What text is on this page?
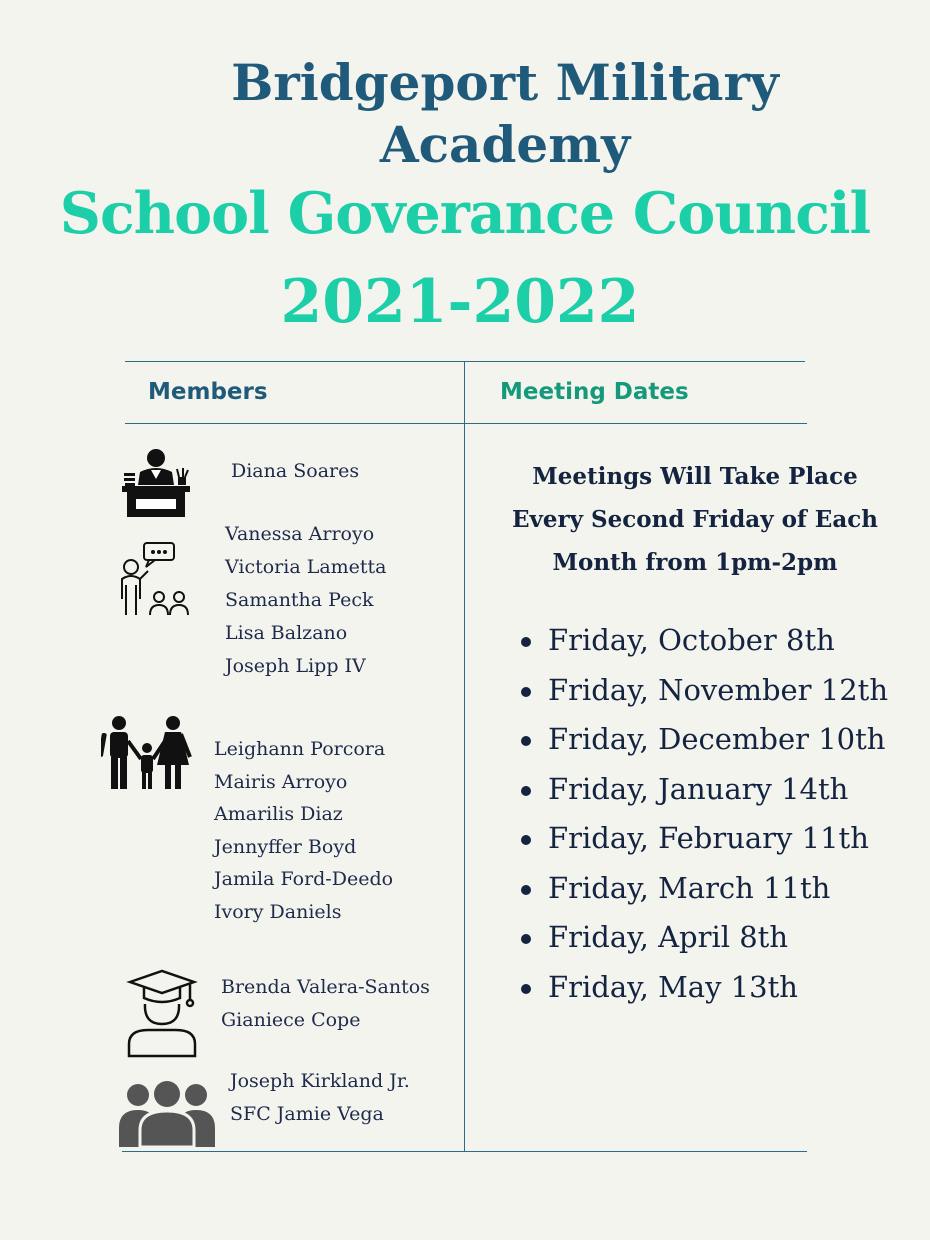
Bridgeport Military
Academy
School Goverance Council
2021-2022
Members	Meeting Dates
Diana Soares
Vanessa Arroyo
Victoria Lametta
Samantha Peck
Lisa Balzano
Joseph Lipp IV
Leighann Porcora
Mairis Arroyo
Amarilis Diaz
Jennyffer Boyd
Jamila Ford-Deedo
Ivory Daniels
Brenda Valera-Santos
Gianiece Cope
Joseph Kirkland Jr.
SFC Jamie Vega
Meetings Will Take Place
Every Second Friday of Each
Month from 1pm-2pm
Friday, October 8th
Friday, November 12th
Friday, December 10th
Friday, January 14th
Friday, February 11th
Friday, March 11th
Friday, April 8th
Friday, May 13th
